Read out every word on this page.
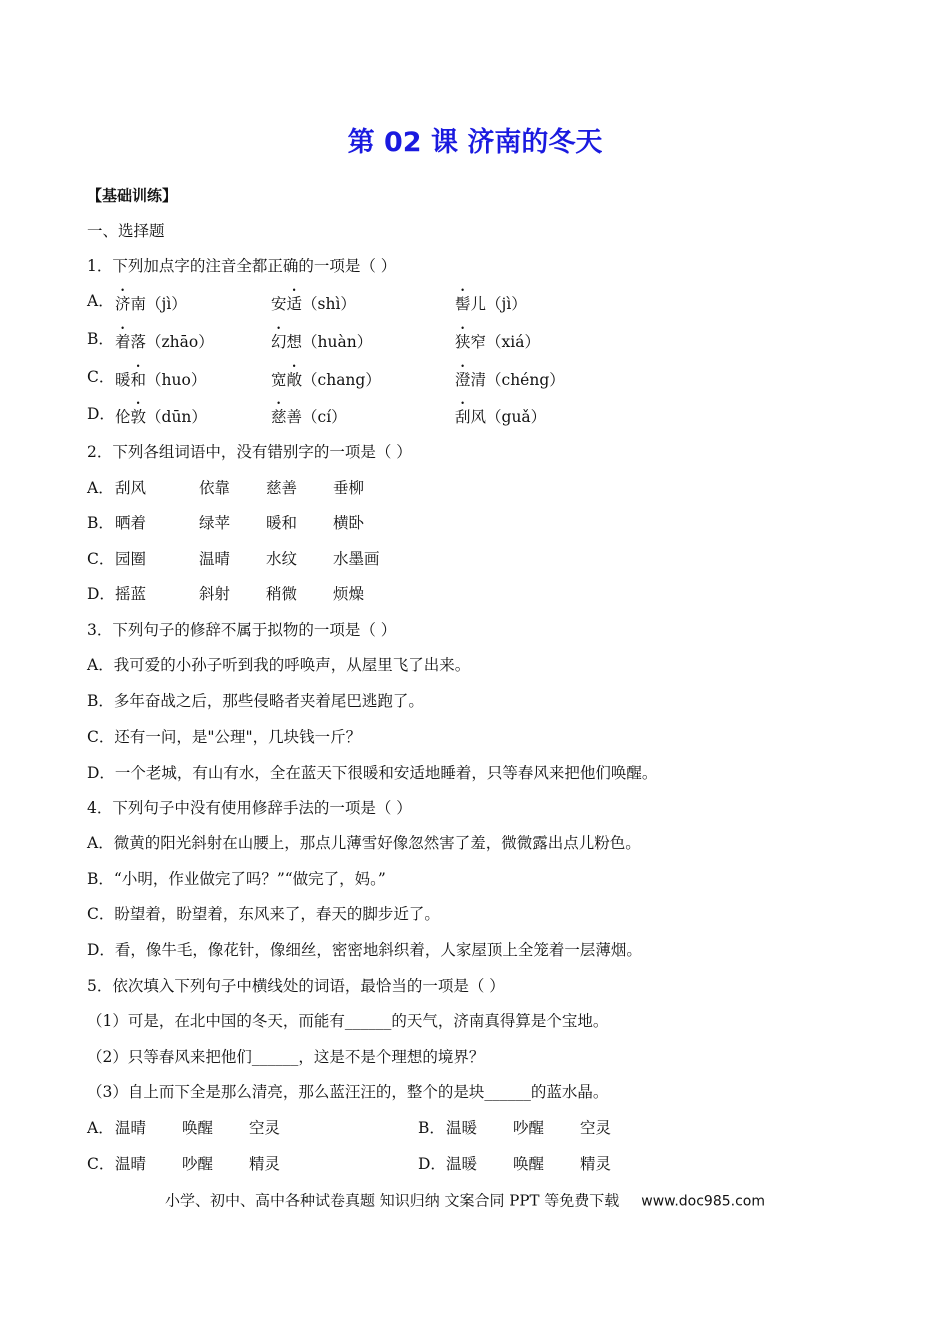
第 02 课 济南的冬天
【基础训练】
一、选择题
1．下列加点字的注音全都正确的一项是（ ）
A． 济南（jì）	安适（shì）	髻儿（jì）
B． 着落（zhāo）	幻想（huàn）	狭窄（xiá）
C． 暖和（huo）	宽敞（chang）	澄清（chéng）
D． 伦敦（dūn）	慈善（cí）	刮风（guǎ）
2．下列各组词语中，没有错别字的一项是（ ）
A． 刮风	依靠 慈善 垂柳
B． 晒着	绿苹 暖和 横卧
C． 园圈	温晴 水纹 水墨画
D． 摇蓝	斜射 稍微 烦燥
3．下列句子的修辞不属于拟物的一项是（ ）
A．我可爱的小孙子听到我的呼唤声，从屋里飞了出来。
B．多年奋战之后，那些侵略者夹着尾巴逃跑了。
C．还有一问，是"公理"，几块钱一斤？
D．一个老城，有山有水，全在蓝天下很暖和安适地睡着，只等春风来把他们唤醒。
4．下列句子中没有使用修辞手法的一项是（ ）
A．微黄的阳光斜射在山腰上，那点儿薄雪好像忽然害了羞，微微露出点儿粉色。
B．“小明，作业做完了吗？”“做完了，妈。”
C．盼望着，盼望着，东风来了，春天的脚步近了。
D．看，像牛毛，像花针，像细丝，密密地斜织着，人家屋顶上全笼着一层薄烟。
5．依次填入下列句子中横线处的词语，最恰当的一项是（ ）
（1）可是，在北中国的冬天，而能有______的天气，济南真得算是个宝地。
（2）只等春风来把他们______，这是不是个理想的境界？
（3）自上而下全是那么清亮，那么蓝汪汪的，整个的是块______的蓝水晶。
A． 温晴 唤醒 空灵	B． 温暖 吵醒 空灵
C． 温晴 吵醒 精灵	D． 温暖 唤醒 精灵
小学、初中、高中各种试卷真题 知识归纳 文案合同 PPT 等免费下载 www.doc985.com
